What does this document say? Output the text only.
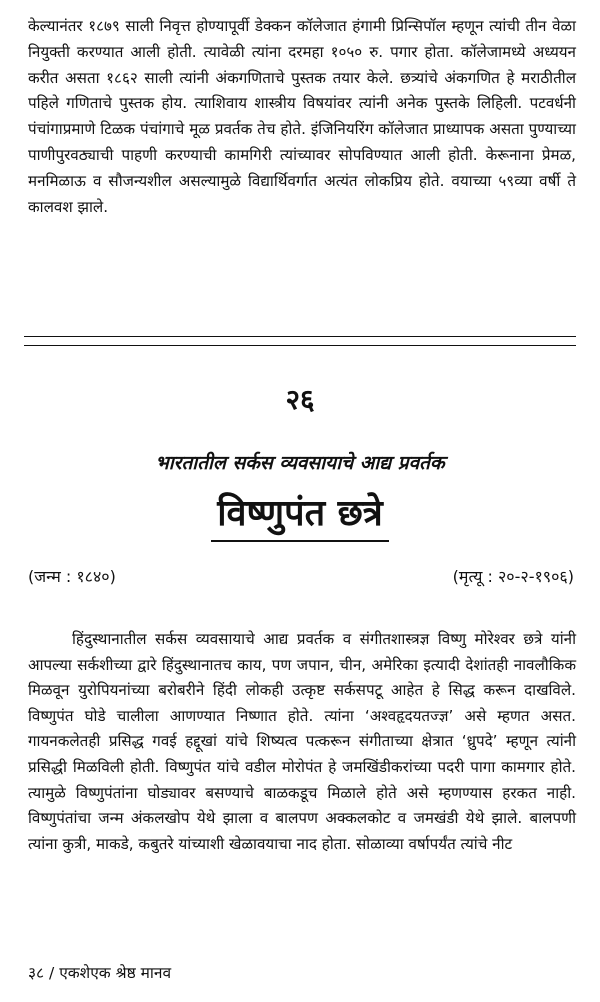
केल्यानंतर १८७९ साली निवृत्त होण्यापूर्वी डेक्कन कॉलेजात हंगामी प्रिन्सिपॉल म्हणून त्यांची तीन वेळा नियुक्ती करण्यात आली होती. त्यावेळी त्यांना दरमहा १०५० रु. पगार होता. कॉलेजामध्ये अध्ययन करीत असता १८६२ साली त्यांनी अंकगणिताचे पुस्तक तयार केले. छत्र्यांचे अंकगणित हे मराठीतील पहिले गणिताचे पुस्तक होय. त्याशिवाय शास्त्रीय विषयांवर त्यांनी अनेक पुस्तके लिहिली. पटवर्धनी पंचांगाप्रमाणे टिळक पंचांगाचे मूळ प्रवर्तक तेच होते. इंजिनियरिंग कॉलेजात प्राध्यापक असता पुण्याच्या पाणीपुरवठ्याची पाहणी करण्याची कामगिरी त्यांच्यावर सोपविण्यात आली होती. केरूनाना प्रेमळ, मनमिळाऊ व सौजन्यशील असल्यामुळे विद्यार्थिवर्गात अत्यंत लोकप्रिय होते. वयाच्या ५९व्या वर्षी ते कालवश झाले.

२६
भारतातील सर्कस व्यवसायाचे आद्य प्रवर्तक
विष्णुपंत छत्रे
(जन्म : १८४०)	(मृत्यू : २०-२-१९०६)

हिंदुस्थानातील सर्कस व्यवसायाचे आद्य प्रवर्तक व संगीतशास्त्रज्ञ विष्णु मोरेश्वर छत्रे यांनी आपल्या सर्कशीच्या द्वारे हिंदुस्थानातच काय, पण जपान, चीन, अमेरिका इत्यादी देशांतही नावलौकिक मिळवून युरोपियनांच्या बरोबरीने हिंदी लोकही उत्कृष्ट सर्कसपटू आहेत हे सिद्ध करून दाखविले. विष्णुपंत घोडे चालीला आणण्यात निष्णात होते. त्यांना ‘अश्वहृदयतज्ज्ञ’ असे म्हणत असत. गायनकलेतही प्रसिद्ध गवई हद्दूखां यांचे शिष्यत्व पत्करून संगीताच्या क्षेत्रात ‘ध्रुपदे’ म्हणून त्यांनी प्रसिद्धी मिळविली होती. विष्णुपंत यांचे वडील मोरोपंत हे जमखिंडीकरांच्या पदरी पागा कामगार होते. त्यामुळे विष्णुपंतांना घोड्यावर बसण्याचे बाळकडूच मिळाले होते असे म्हणण्यास हरकत नाही. विष्णुपंतांचा जन्म अंकलखोप येथे झाला व बालपण अक्कलकोट व जमखंडी येथे झाले. बालपणी त्यांना कुत्री, माकडे, कबुतरे यांच्याशी खेळावयाचा नाद होता. सोळाव्या वर्षापर्यंत त्यांचे नीट

३८ / एकशेएक श्रेष्ठ मानव
